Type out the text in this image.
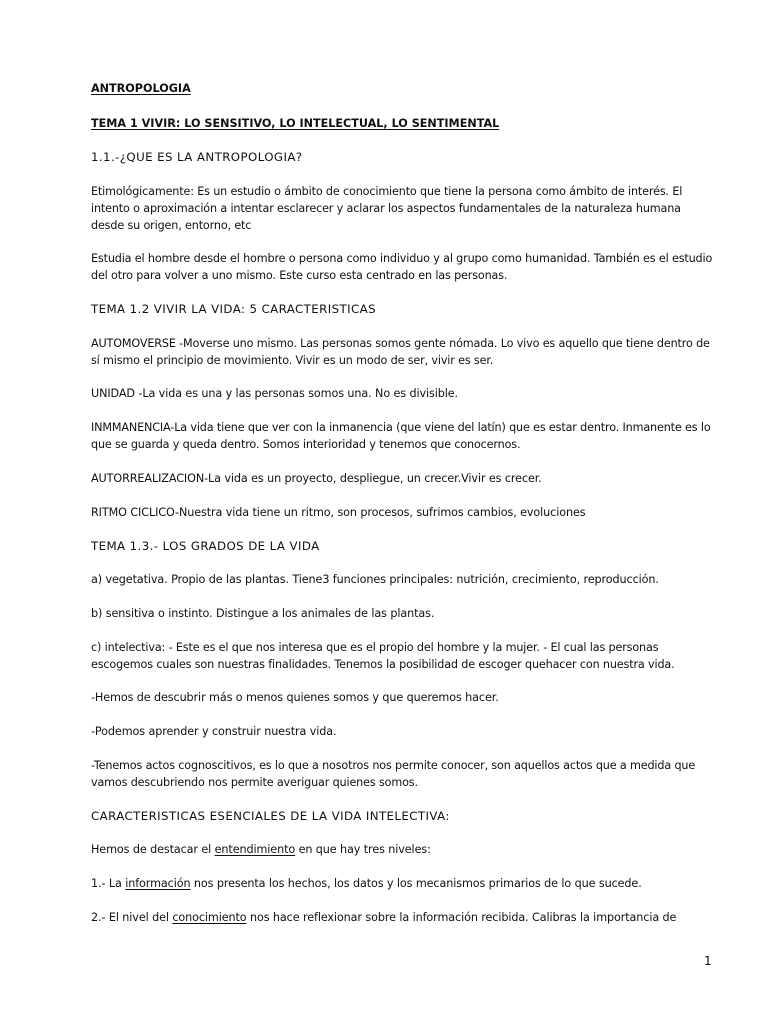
ANTROPOLOGIA

TEMA 1 VIVIR: LO SENSITIVO, LO INTELECTUAL, LO SENTIMENTAL

1.1.-¿QUE ES LA ANTROPOLOGIA?

Etimológicamente: Es un estudio o ámbito de conocimiento que tiene la persona como ámbito de interés. El intento o aproximación a intentar esclarecer y aclarar los aspectos fundamentales de la naturaleza humana desde su origen, entorno, etc

Estudia el hombre desde el hombre o persona como individuo y al grupo como humanidad. También es el estudio del otro para volver a uno mismo. Este curso esta centrado en las personas.

TEMA 1.2 VIVIR LA VIDA: 5 CARACTERISTICAS

AUTOMOVERSE -Moverse uno mismo. Las personas somos gente nómada. Lo vivo es aquello que tiene dentro de sí mismo el principio de movimiento. Vivir es un modo de ser, vivir es ser.

UNIDAD -La vida es una y las personas somos una. No es divisible.

INMMANENCIA-La vida tiene que ver con la inmanencia (que viene del latín) que es estar dentro. Inmanente es lo que se guarda y queda dentro. Somos interioridad y tenemos que conocernos.

AUTORREALIZACION-La vida es un proyecto, despliegue, un crecer.Vivir es crecer.

RITMO CICLICO-Nuestra vida tiene un ritmo, son procesos, sufrimos cambios, evoluciones

TEMA 1.3.- LOS GRADOS DE LA VIDA

a) vegetativa. Propio de las plantas. Tiene3 funciones principales: nutrición, crecimiento, reproducción.

b) sensitiva o instinto. Distingue a los animales de las plantas.

c) intelectiva: - Este es el que nos interesa que es el propio del hombre y la mujer. - El cual las personas escogemos cuales son nuestras finalidades. Tenemos la posibilidad de escoger quehacer con nuestra vida.

-Hemos de descubrir más o menos quienes somos y que queremos hacer.

-Podemos aprender y construir nuestra vida.

-Tenemos actos cognoscitivos, es lo que a nosotros nos permite conocer, son aquellos actos que a medida que vamos descubriendo nos permite averiguar quienes somos.

CARACTERISTICAS ESENCIALES DE LA VIDA INTELECTIVA:

Hemos de destacar el entendimiento en que hay tres niveles:

1.- La información nos presenta los hechos, los datos y los mecanismos primarios de lo que sucede.

2.- El nivel del conocimiento nos hace reflexionar sobre la información recibida. Calibras la importancia de

1
